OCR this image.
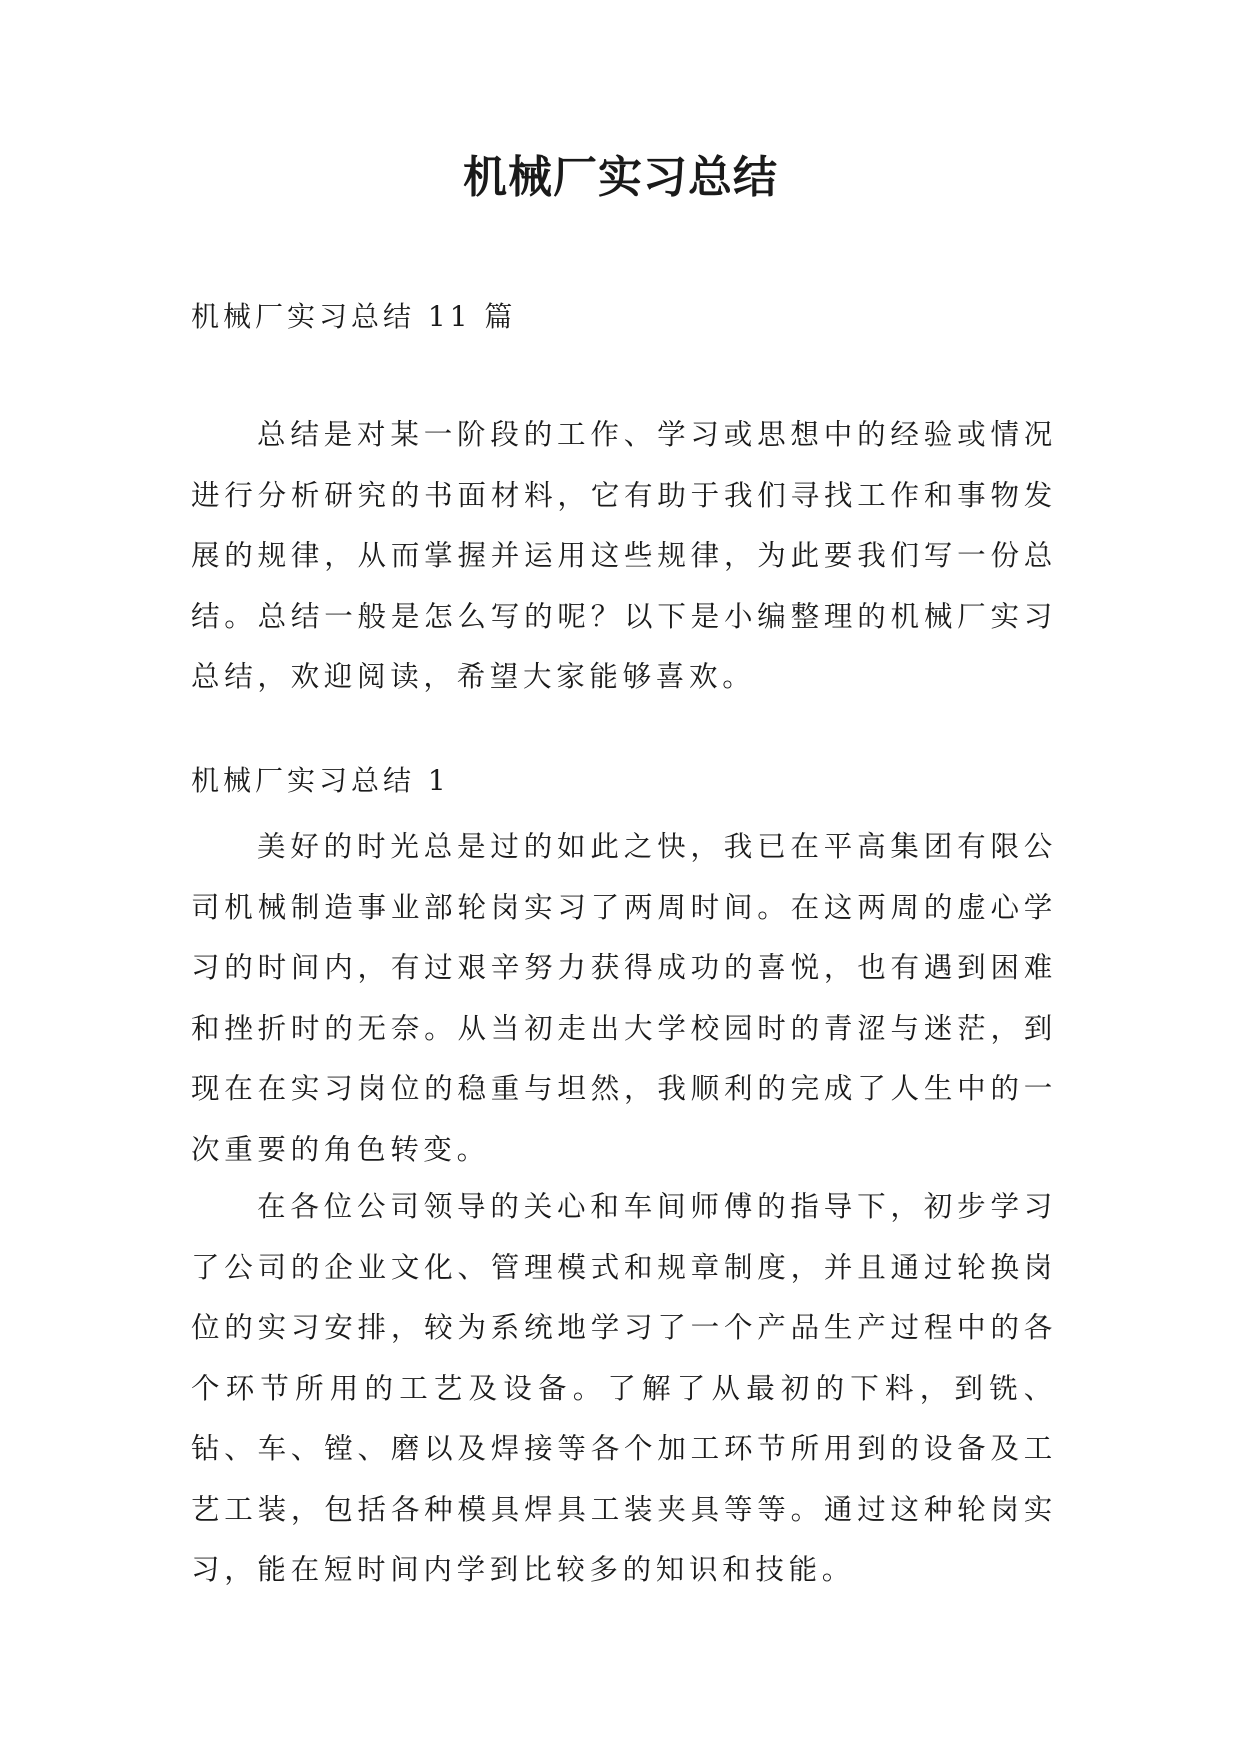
机械厂实习总结
机械厂实习总结 11 篇

总结是对某一阶段的工作、学习或思想中的经验或情况进行分析研究的书面材料，它有助于我们寻找工作和事物发展的规律，从而掌握并运用这些规律，为此要我们写一份总结。总结一般是怎么写的呢？以下是小编整理的机械厂实习总结，欢迎阅读，希望大家能够喜欢。

机械厂实习总结 1

美好的时光总是过的如此之快，我已在平高集团有限公司机械制造事业部轮岗实习了两周时间。在这两周的虚心学习的时间内，有过艰辛努力获得成功的喜悦，也有遇到困难和挫折时的无奈。从当初走出大学校园时的青涩与迷茫，到现在在实习岗位的稳重与坦然，我顺利的完成了人生中的一次重要的角色转变。

在各位公司领导的关心和车间师傅的指导下，初步学习了公司的企业文化、管理模式和规章制度，并且通过轮换岗位的实习安排，较为系统地学习了一个产品生产过程中的各个环节所用的工艺及设备。了解了从最初的下料，到铣、钻、车、镗、磨以及焊接等各个加工环节所用到的设备及工艺工装，包括各种模具焊具工装夹具等等。通过这种轮岗实习，能在短时间内学到比较多的知识和技能。
